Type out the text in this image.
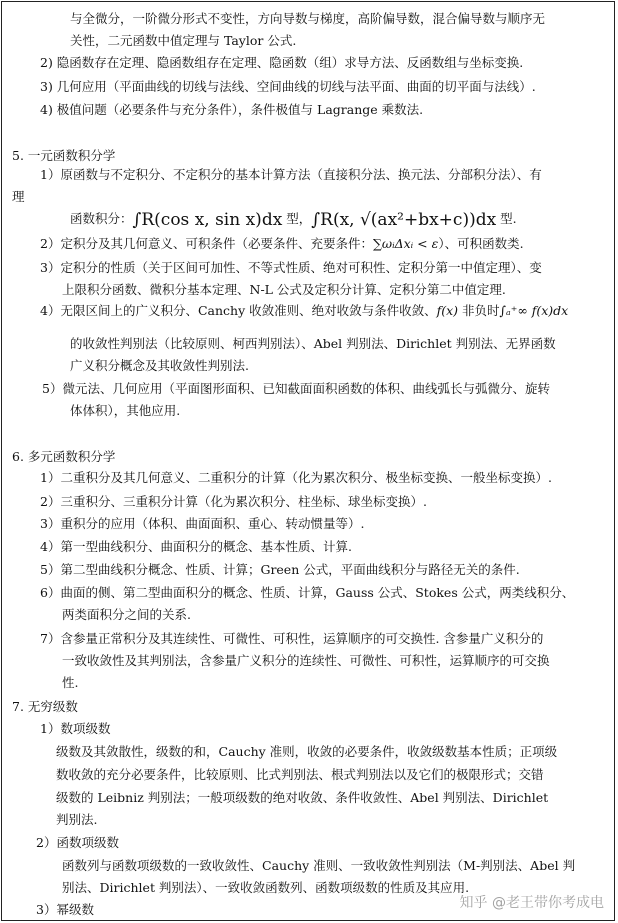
与全微分，一阶微分形式不变性，方向导数与梯度，高阶偏导数，混合偏导数与顺序无
关性，二元函数中值定理与 Taylor 公式.
2) 隐函数存在定理、隐函数组存在定理、隐函数（组）求导方法、反函数组与坐标变换.
3) 几何应用（平面曲线的切线与法线、空间曲线的切线与法平面、曲面的切平面与法线）.
4) 极值问题（必要条件与充分条件），条件极值与 Lagrange 乘数法.
5. 一元函数积分学
1）原函数与不定积分、不定积分的基本计算方法（直接积分法、换元法、分部积分法）、有
理
函数积分：∫R(cos x, sin x)dx 型，∫R(x, √(ax²+bx+c))dx 型.
2）定积分及其几何意义、可积条件（必要条件、充要条件：∑ωᵢΔxᵢ < ε）、可积函数类.
3）定积分的性质（关于区间可加性、不等式性质、绝对可积性、定积分第一中值定理）、变
上限积分函数、微积分基本定理、N-L 公式及定积分计算、定积分第二中值定理.
4）无限区间上的广义积分、Canchy 收敛准则、绝对收敛与条件收敛、f(x) 非负时∫ₐ⁺∞ f(x)dx
的收敛性判别法（比较原则、柯西判别法）、Abel 判别法、Dirichlet 判别法、无界函数
广义积分概念及其收敛性判别法.
5）微元法、几何应用（平面图形面积、已知截面面积函数的体积、曲线弧长与弧微分、旋转
体体积），其他应用.
6. 多元函数积分学
1）二重积分及其几何意义、二重积分的计算（化为累次积分、极坐标变换、一般坐标变换）.
2）三重积分、三重积分计算（化为累次积分、柱坐标、球坐标变换）.
3）重积分的应用（体积、曲面面积、重心、转动惯量等）.
4）第一型曲线积分、曲面积分的概念、基本性质、计算.
5）第二型曲线积分概念、性质、计算；Green 公式，平面曲线积分与路径无关的条件.
6）曲面的侧、第二型曲面积分的概念、性质、计算，Gauss 公式、Stokes 公式，两类线积分、
两类面积分之间的关系.
7）含参量正常积分及其连续性、可微性、可积性，运算顺序的可交换性. 含参量广义积分的
一致收敛性及其判别法，含参量广义积分的连续性、可微性、可积性，运算顺序的可交换
性.
7. 无穷级数
1）数项级数
级数及其敛散性，级数的和，Cauchy 准则，收敛的必要条件，收敛级数基本性质；正项级
数收敛的充分必要条件，比较原则、比式判别法、根式判别法以及它们的极限形式；交错
级数的 Leibniz 判别法；一般项级数的绝对收敛、条件收敛性、Abel 判别法、Dirichlet
判别法.
2）函数项级数
函数列与函数项级数的一致收敛性、Cauchy 准则、一致收敛性判别法（M-判别法、Abel 判
别法、Dirichlet 判别法）、一致收敛函数列、函数项级数的性质及其应用.
3）幂级数	知乎 @老王带你考成电
